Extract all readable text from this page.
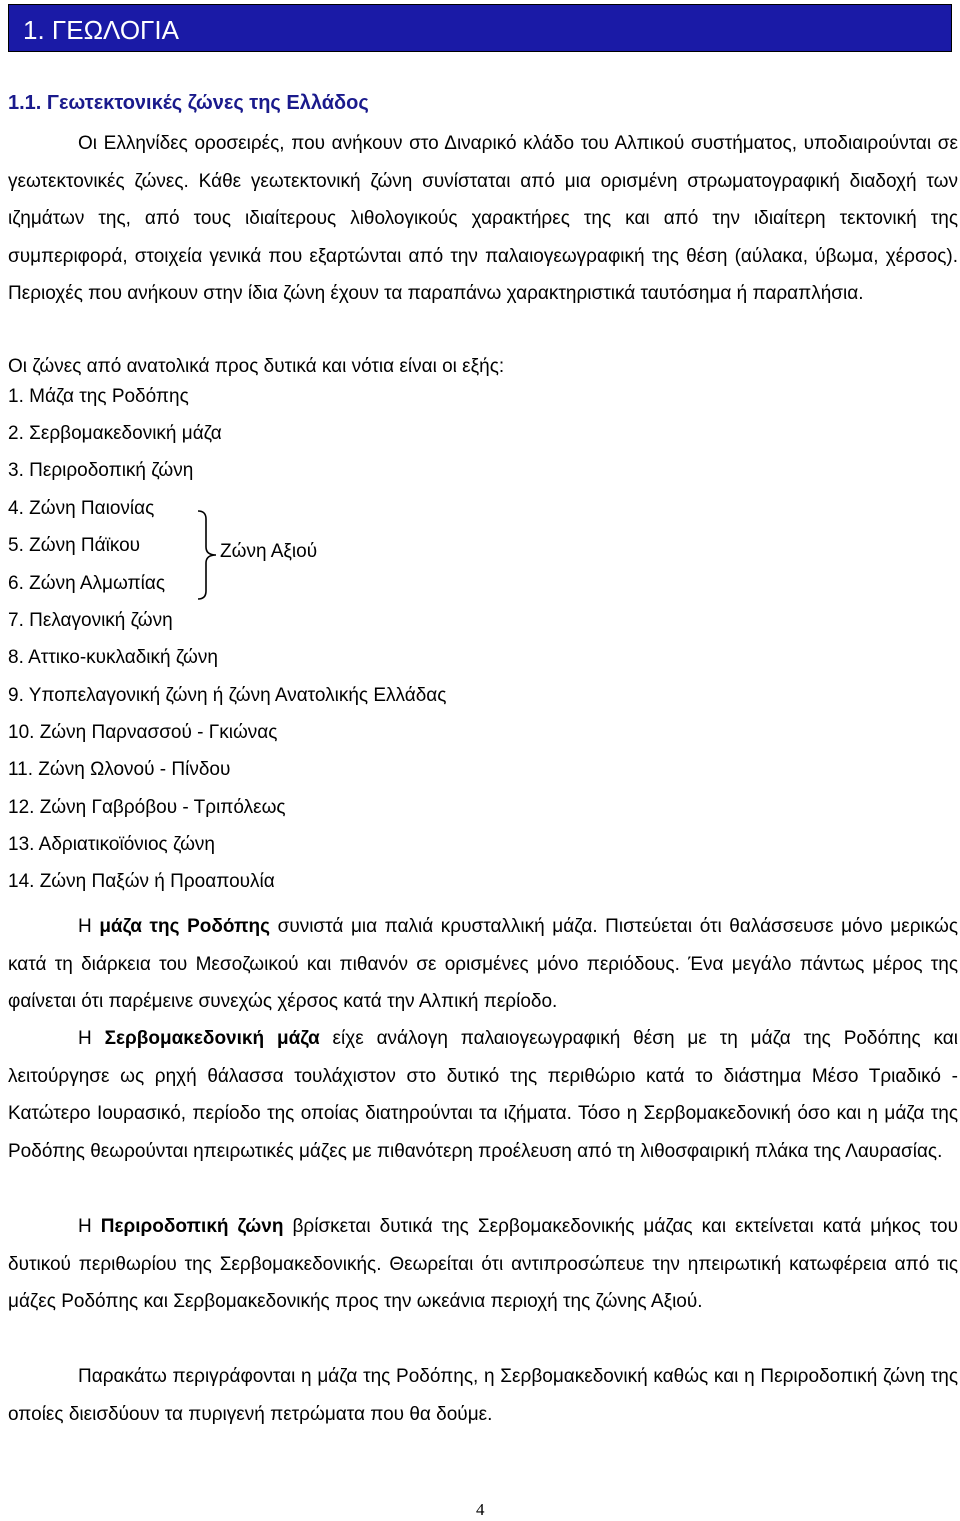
1. ΓΕΩΛΟΓΙΑ
1.1. Γεωτεκτονικές ζώνες της Ελλάδος
Οι Ελληνίδες οροσειρές, που ανήκουν στο Διναρικό κλάδο του Αλπικού συστήματος, υποδιαιρούνται σε γεωτεκτονικές ζώνες. Κάθε γεωτεκτονική ζώνη συνίσταται από μια ορισμένη στρωματογραφική διαδοχή των ιζημάτων της, από τους ιδιαίτερους λιθολογικούς χαρακτήρες της και από την ιδιαίτερη τεκτονική της συμπεριφορά, στοιχεία γενικά που εξαρτώνται από την παλαιογεωγραφική της θέση (αύλακα, ύβωμα, χέρσος). Περιοχές που ανήκουν στην ίδια ζώνη έχουν τα παραπάνω χαρακτηριστικά ταυτόσημα ή παραπλήσια.
Οι ζώνες από ανατολικά προς δυτικά και νότια είναι οι εξής:
1. Μάζα της Ροδόπης
2. Σερβομακεδονική μάζα
3. Περιροδοπική ζώνη
4. Ζώνη Παιονίας
5. Ζώνη Πάϊκου
6. Ζώνη Αλμωπίας
7. Πελαγονική ζώνη
8. Αττικο-κυκλαδική ζώνη
9. Υποπελαγονική ζώνη ή ζώνη Ανατολικής Ελλάδας
10. Ζώνη Παρνασσού - Γκιώνας
11. Ζώνη Ωλονού - Πίνδου
12. Ζώνη Γαβρόβου - Τριπόλεως
13. Αδριατικοϊόνιος ζώνη
14. Ζώνη Παξών ή Προαπουλία
Ζώνη Αξιού
Η μάζα της Ροδόπης συνιστά μια παλιά κρυσταλλική μάζα. Πιστεύεται ότι θαλάσσευσε μόνο μερικώς κατά τη διάρκεια του Μεσοζωικού και πιθανόν σε ορισμένες μόνο περιόδους. Ένα μεγάλο πάντως μέρος της φαίνεται ότι παρέμεινε συνεχώς χέρσος κατά την Αλπική περίοδο.
Η Σερβομακεδονική μάζα είχε ανάλογη παλαιογεωγραφική θέση με τη μάζα της Ροδόπης και λειτούργησε ως ρηχή θάλασσα τουλάχιστον στο δυτικό της περιθώριο κατά το διάστημα Μέσο Τριαδικό - Κατώτερο Ιουρασικό, περίοδο της οποίας διατηρούνται τα ιζήματα. Τόσο η Σερβομακεδονική όσο και η μάζα της Ροδόπης θεωρούνται ηπειρωτικές μάζες με πιθανότερη προέλευση από τη λιθοσφαιρική πλάκα της Λαυρασίας.
Η Περιροδοπική ζώνη βρίσκεται δυτικά της Σερβομακεδονικής μάζας και εκτείνεται κατά μήκος του δυτικού περιθωρίου της Σερβομακεδονικής. Θεωρείται ότι αντιπροσώπευε την ηπειρωτική κατωφέρεια από τις μάζες Ροδόπης και Σερβομακεδονικής προς την ωκεάνια περιοχή της ζώνης Αξιού.
Παρακάτω περιγράφονται η μάζα της Ροδόπης, η Σερβομακεδονική καθώς και η Περιροδοπική ζώνη της οποίες διεισδύουν τα πυριγενή πετρώματα που θα δούμε.
4
